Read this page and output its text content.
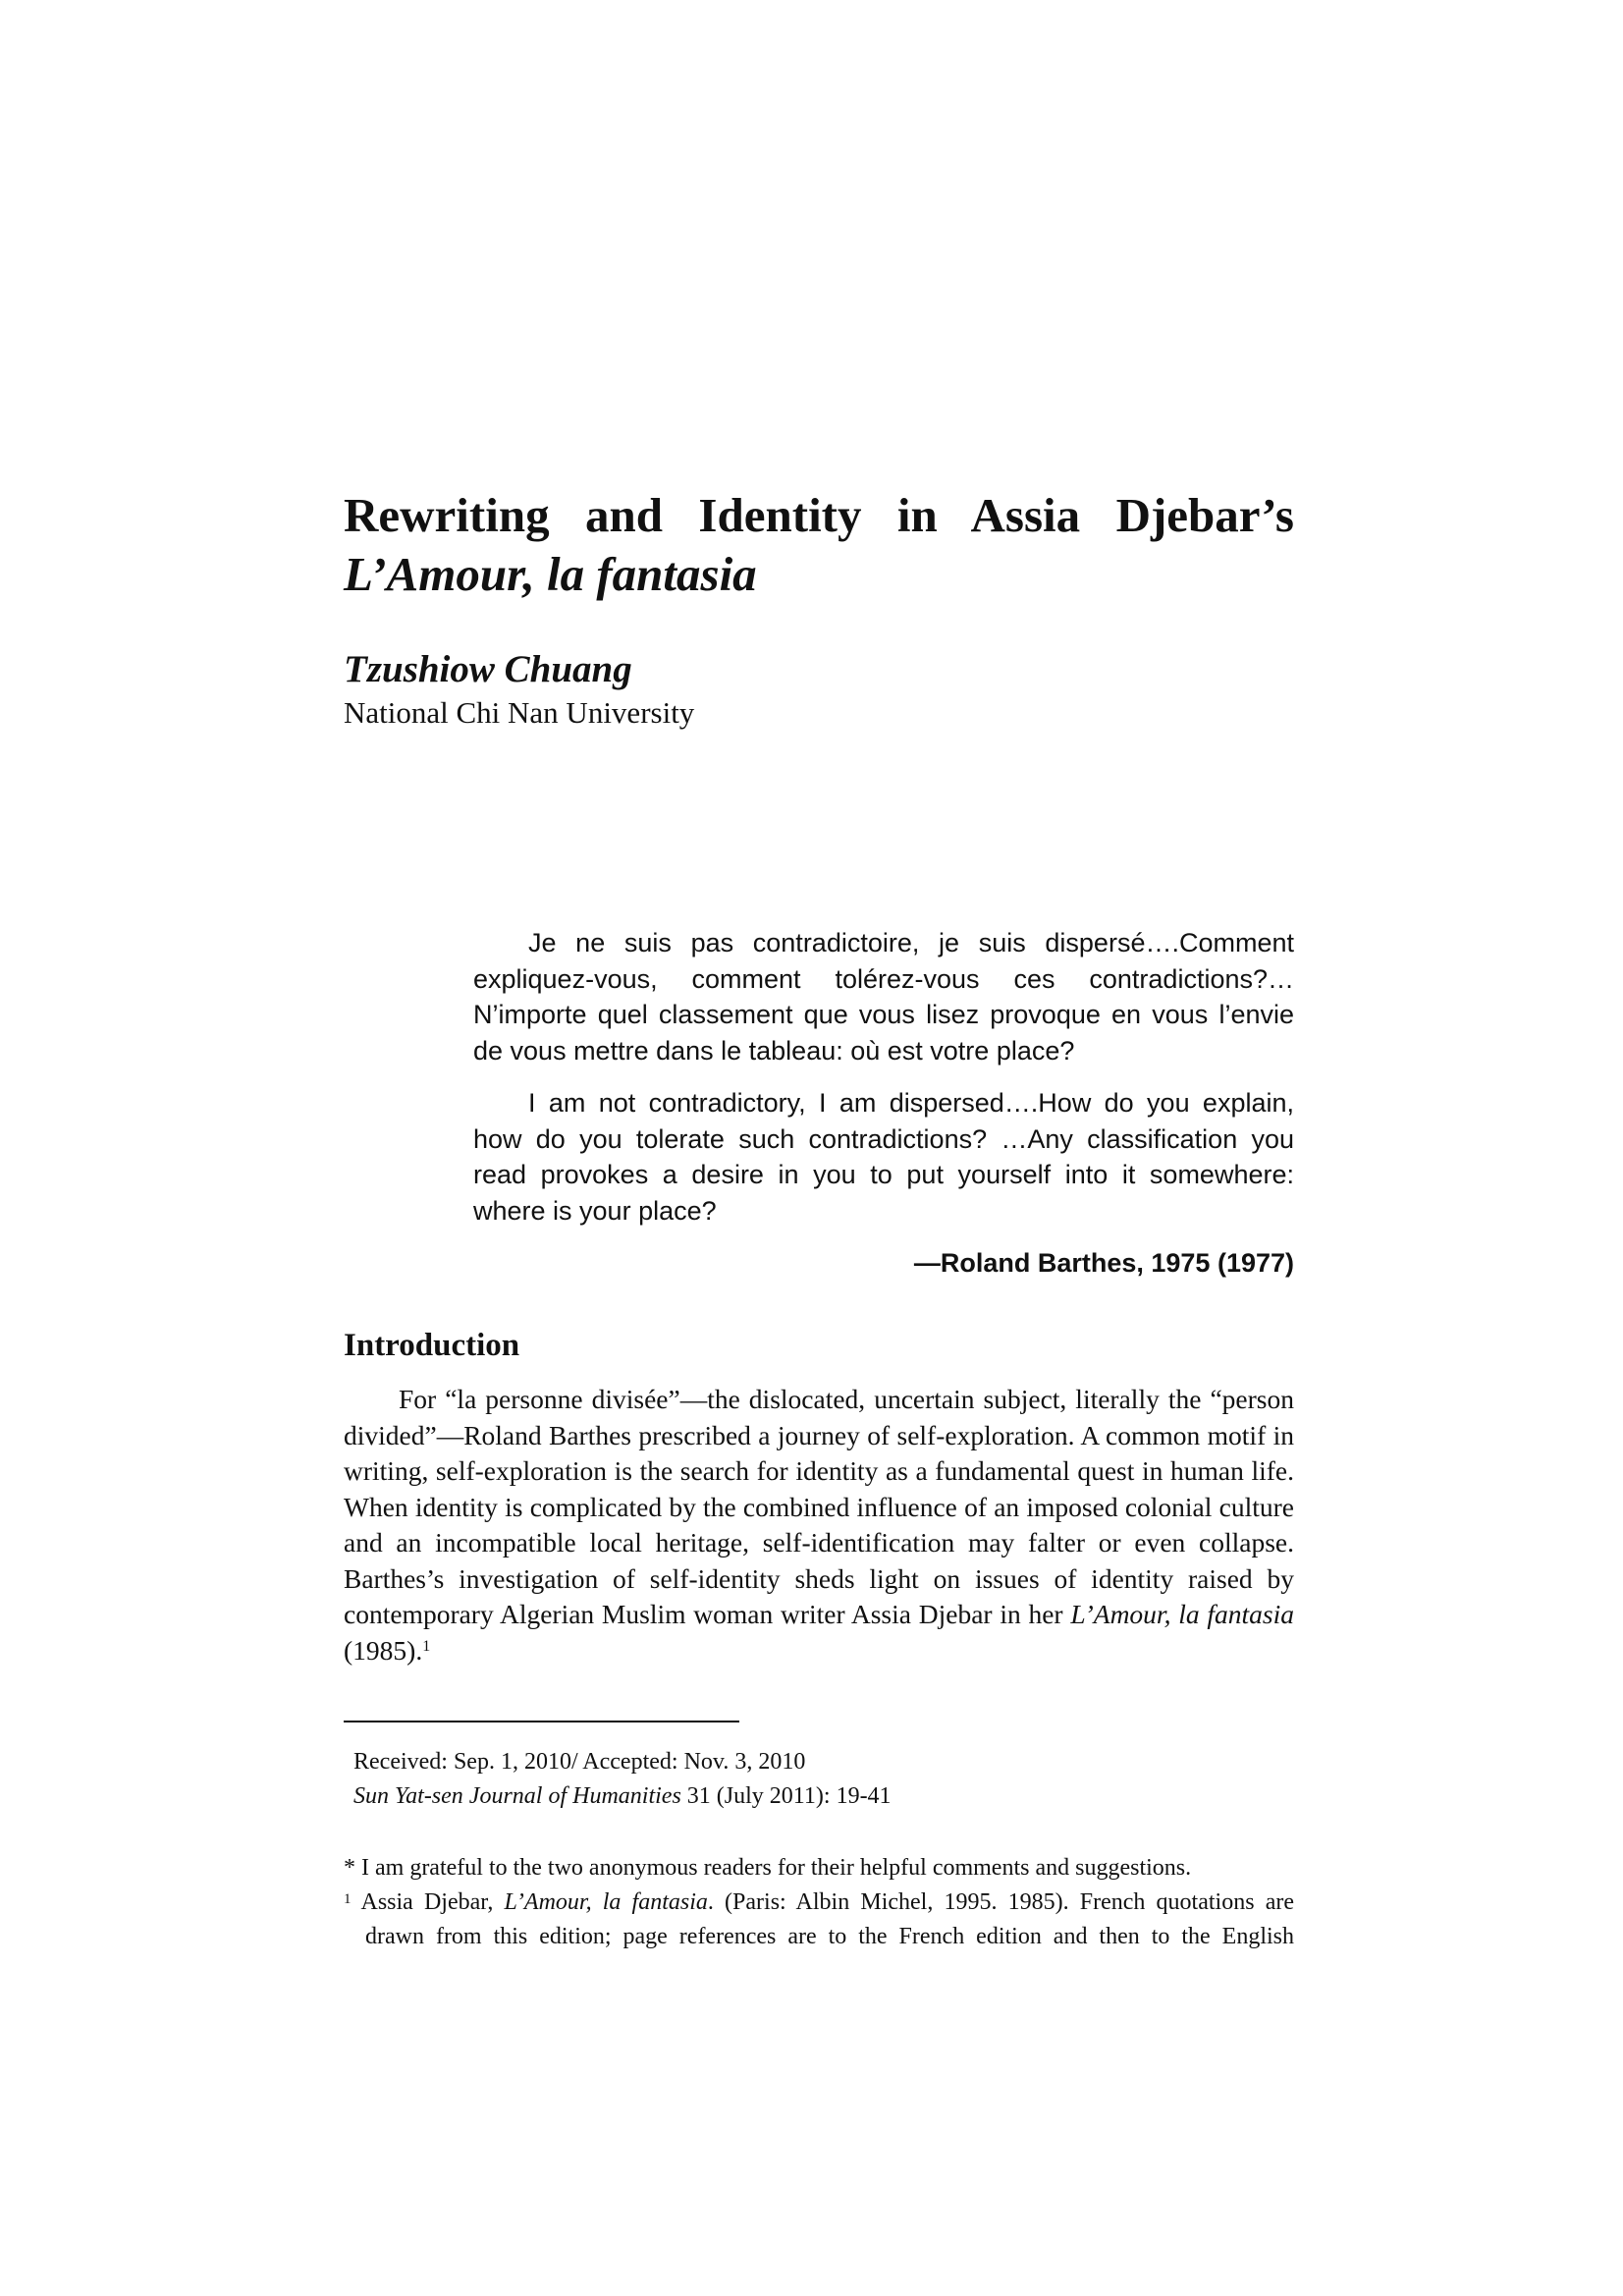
Rewriting and Identity in Assia Djebar’s
L’Amour, la fantasia
Tzushiow Chuang
National Chi Nan University

Je ne suis pas contradictoire, je suis dispersé….Comment expliquez-vous, comment tolérez-vous ces contradictions?…N’importe quel classement que vous lisez provoque en vous l’envie de vous mettre dans le tableau: où est votre place?

I am not contradictory, I am dispersed….How do you explain, how do you tolerate such contradictions? …Any classification you read provokes a desire in you to put yourself into it somewhere: where is your place?

—Roland Barthes, 1975 (1977)
Introduction

For “la personne divisée”—the dislocated, uncertain subject, literally the “person divided”—Roland Barthes prescribed a journey of self-exploration. A common motif in writing, self-exploration is the search for identity as a fundamental quest in human life. When identity is complicated by the combined influence of an imposed colonial culture and an incompatible local heritage, self-identification may falter or even collapse. Barthes’s investigation of self-identity sheds light on issues of identity raised by contemporary Algerian Muslim woman writer Assia Djebar in her L’Amour, la fantasia (1985).$^1$

Received: Sep. 1, 2010/ Accepted: Nov. 3, 2010
Sun Yat-sen Journal of Humanities 31 (July 2011): 19-41

* I am grateful to the two anonymous readers for their helpful comments and suggestions.

$^1$ Assia Djebar, L’Amour, la fantasia. (Paris: Albin Michel, 1995. 1985). French quotations are

drawn from this edition; page references are to the French edition and then to the English
